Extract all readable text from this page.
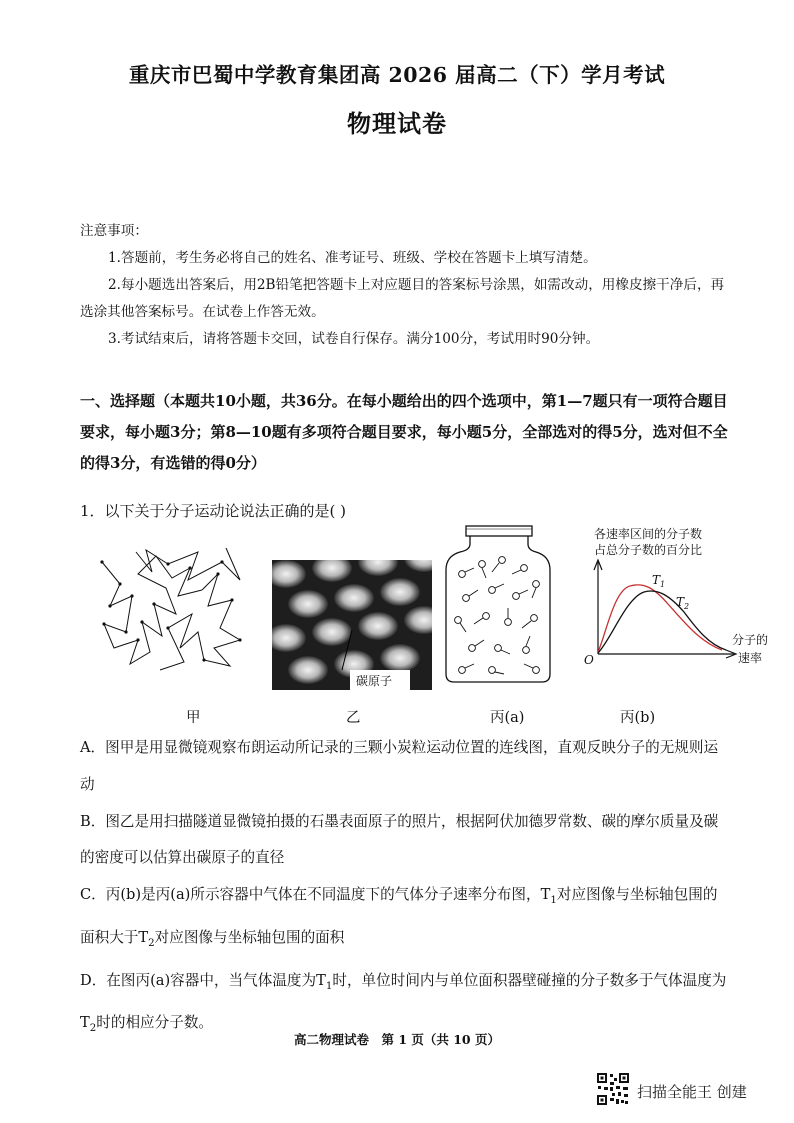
重庆市巴蜀中学教育集团高 2026 届高二（下）学月考试
物理试卷
注意事项：
1.答题前，考生务必将自己的姓名、准考证号、班级、学校在答题卡上填写清楚。
2.每小题选出答案后，用2B铅笔把答题卡上对应题目的答案标号涂黑，如需改动，用橡皮擦干净后，再选涂其他答案标号。在试卷上作答无效。
3.考试结束后，请将答题卡交回，试卷自行保存。满分100分，考试用时90分钟。
一、选择题（本题共10小题，共36分。在每小题给出的四个选项中，第1—7题只有一项符合题目要求，每小题3分；第8—10题有多项符合题目要求，每小题5分，全部选对的得5分，选对但不全的得3分，有选错的得0分）
1．以下关于分子运动论说法正确的是( )
碳原子
各速率区间的分子数
占总分子数的百分比
O
$T_1$
$T_2$
分子的
速率
甲	乙	丙(a)	丙(b)

A．图甲是用显微镜观察布朗运动所记录的三颗小炭粒运动位置的连线图，直观反映分子的无规则运动

B．图乙是用扫描隧道显微镜拍摄的石墨表面原子的照片，根据阿伏加德罗常数、碳的摩尔质量及碳的密度可以估算出碳原子的直径

C．丙(b)是丙(a)所示容器中气体在不同温度下的气体分子速率分布图，$T_1$对应图像与坐标轴包围的面积大于$T_2$对应图像与坐标轴包围的面积

D．在图丙(a)容器中，当气体温度为$T_1$时，单位时间内与单位面积器壁碰撞的分子数多于气体温度为$T_2$时的相应分子数。

高二物理试卷　第 1 页（共 10 页）
扫描全能王 创建
